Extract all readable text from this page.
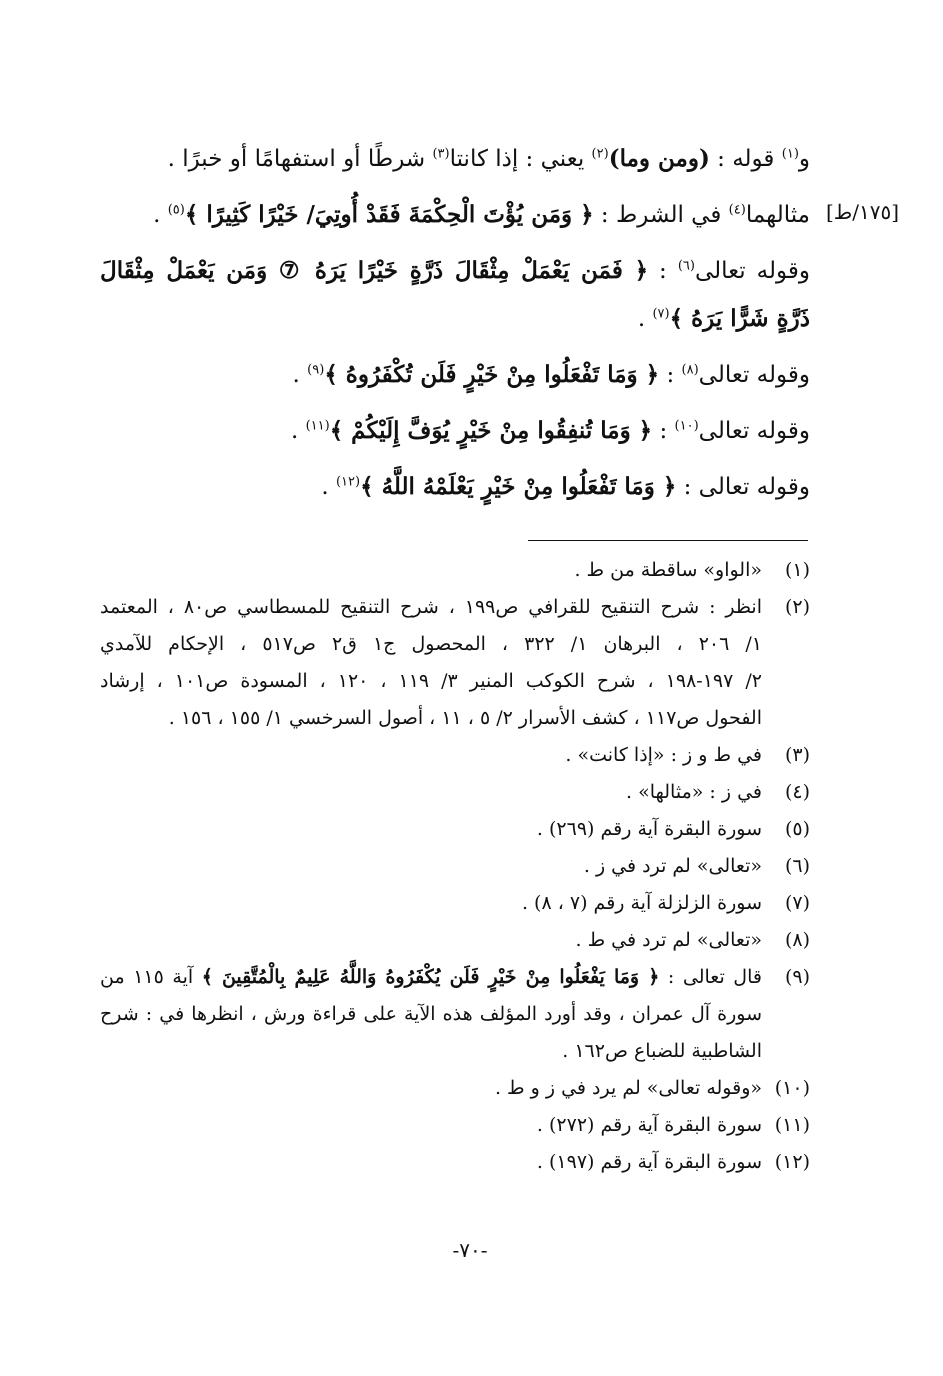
[١٧٥/ط]
و$^{(١)}$ قوله : (ومن وما)$^{(٢)}$ يعني : إذا كانتا$^{(٣)}$ شرطًا أو استفهامًا أو خبرًا .
مثالهما$^{(٤)}$ في الشرط : ﴿ وَمَن يُؤْتَ الْحِكْمَةَ فَقَدْ أُوتِيَ/ خَيْرًا كَثِيرًا ﴾$^{(٥)}$ .
وقوله تعالى$^{(٦)}$ : ﴿ فَمَن يَعْمَلْ مِثْقَالَ ذَرَّةٍ خَيْرًا يَرَهُ ⑦ وَمَن يَعْمَلْ مِثْقَالَ
ذَرَّةٍ شَرًّا يَرَهُ ﴾$^{(٧)}$ .
وقوله تعالى$^{(٨)}$ : ﴿ وَمَا تَفْعَلُوا مِنْ خَيْرٍ فَلَن تُكْفَرُوهُ ﴾$^{(٩)}$ .
وقوله تعالى$^{(١٠)}$ : ﴿ وَمَا تُنفِقُوا مِنْ خَيْرٍ يُوَفَّ إِلَيْكُمْ ﴾$^{(١١)}$ .
وقوله تعالى : ﴿ وَمَا تَفْعَلُوا مِنْ خَيْرٍ يَعْلَمْهُ اللَّهُ ﴾$^{(١٢)}$ .
(١)
«الواو» ساقطة من ط .
(٢)
انظر : شرح التنقيح للقرافي ص١٩٩ ، شرح التنقيح للمسطاسي ص٨٠ ، المعتمد
١/ ٢٠٦ ، البرهان ١/ ٣٢٢ ، المحصول ج١ ق٢ ص٥١٧ ، الإحكام للآمدي
٢/ ١٩٧-١٩٨ ، شرح الكوكب المنير ٣/ ١١٩ ، ١٢٠ ، المسودة ص١٠١ ، إرشاد
الفحول ص١١٧ ، كشف الأسرار ٢/ ٥ ، ١١ ، أصول السرخسي ١/ ١٥٥ ، ١٥٦ .
(٣)
في ط و ز : «إذا كانت» .
(٤)
في ز : «مثالها» .
(٥)
سورة البقرة آية رقم (٢٦٩) .
(٦)
«تعالى» لم ترد في ز .
(٧)
سورة الزلزلة آية رقم (٧ ، ٨) .
(٨)
«تعالى» لم ترد في ط .
(٩)
قال تعالى : ﴿ وَمَا يَفْعَلُوا مِنْ خَيْرٍ فَلَن يُكْفَرُوهُ وَاللَّهُ عَلِيمٌ بِالْمُتَّقِينَ ﴾ آية ١١٥ من
سورة آل عمران ، وقد أورد المؤلف هذه الآية على قراءة ورش ، انظرها في : شرح
الشاطبية للضباع ص١٦٢ .
(١٠)
«وقوله تعالى» لم يرد في ز و ط .
(١١)
سورة البقرة آية رقم (٢٧٢) .
(١٢)
سورة البقرة آية رقم (١٩٧) .
-٧٠-
